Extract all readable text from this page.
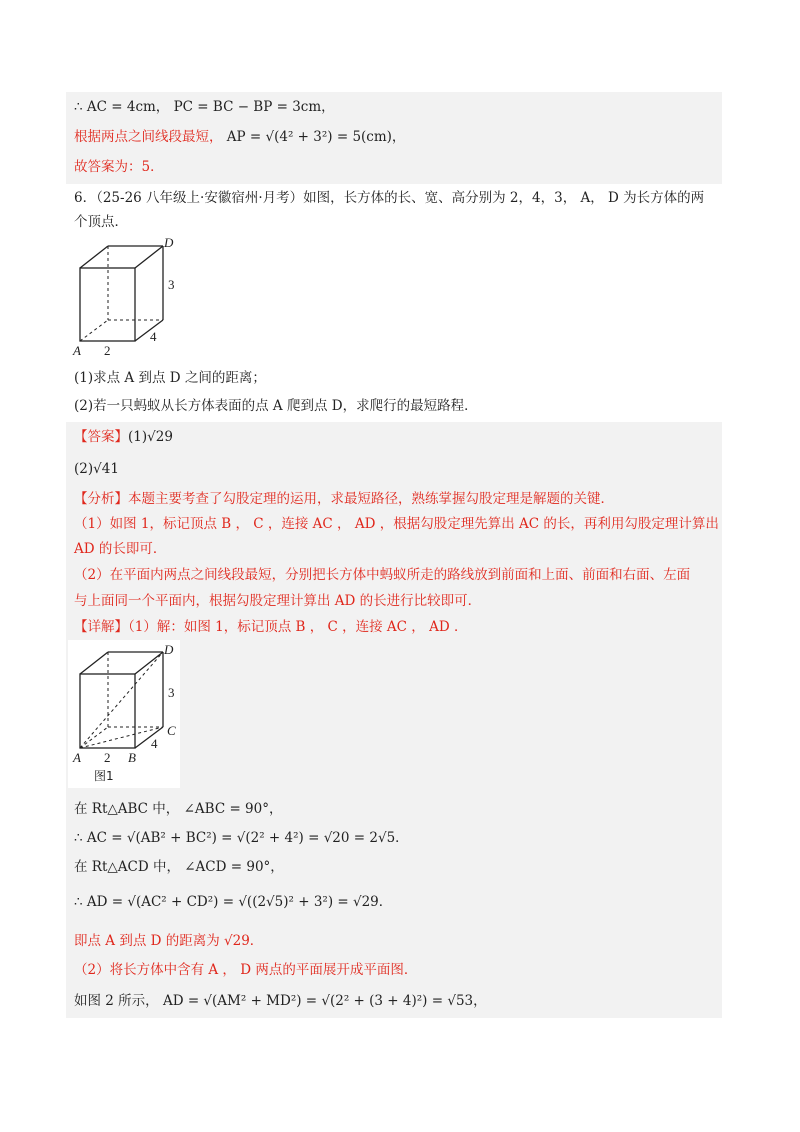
∴ AC = 4cm， PC = BC − BP = 3cm，
根据两点之间线段最短， AP = √(4² + 3²) = 5(cm)，
故答案为：5．
6．（25-26 八年级上·安徽宿州·月考）如图，长方体的长、宽、高分别为 2，4，3， A， D 为长方体的两
个顶点．
D
3
4
A 2
(1)求点 A 到点 D 之间的距离；
(2)若一只蚂蚁从长方体表面的点 A 爬到点 D，求爬行的最短路程．
【答案】(1)√29
(2)√41
【分析】本题主要考查了勾股定理的运用，求最短路径，熟练掌握勾股定理是解题的关键．
（1）如图 1，标记顶点 B ， C ，连接 AC ， AD ，根据勾股定理先算出 AC 的长，再利用勾股定理计算出
AD 的长即可．
（2）在平面内两点之间线段最短，分别把长方体中蚂蚁所走的路线放到前面和上面、前面和右面、左面
与上面同一个平面内，根据勾股定理计算出 AD 的长进行比较即可．
【详解】（1）解：如图 1，标记顶点 B ， C ，连接 AC ， AD ．
D
3
C
4
A 2 B
图1
在 Rt△ABC 中， ∠ABC = 90°，
∴ AC = √(AB² + BC²) = √(2² + 4²) = √20 = 2√5．
在 Rt△ACD 中， ∠ACD = 90°，
∴ AD = √(AC² + CD²) = √((2√5)² + 3²) = √29．
即点 A 到点 D 的距离为 √29．
（2）将长方体中含有 A ， D 两点的平面展开成平面图．
如图 2 所示， AD = √(AM² + MD²) = √(2² + (3 + 4)²) = √53，
